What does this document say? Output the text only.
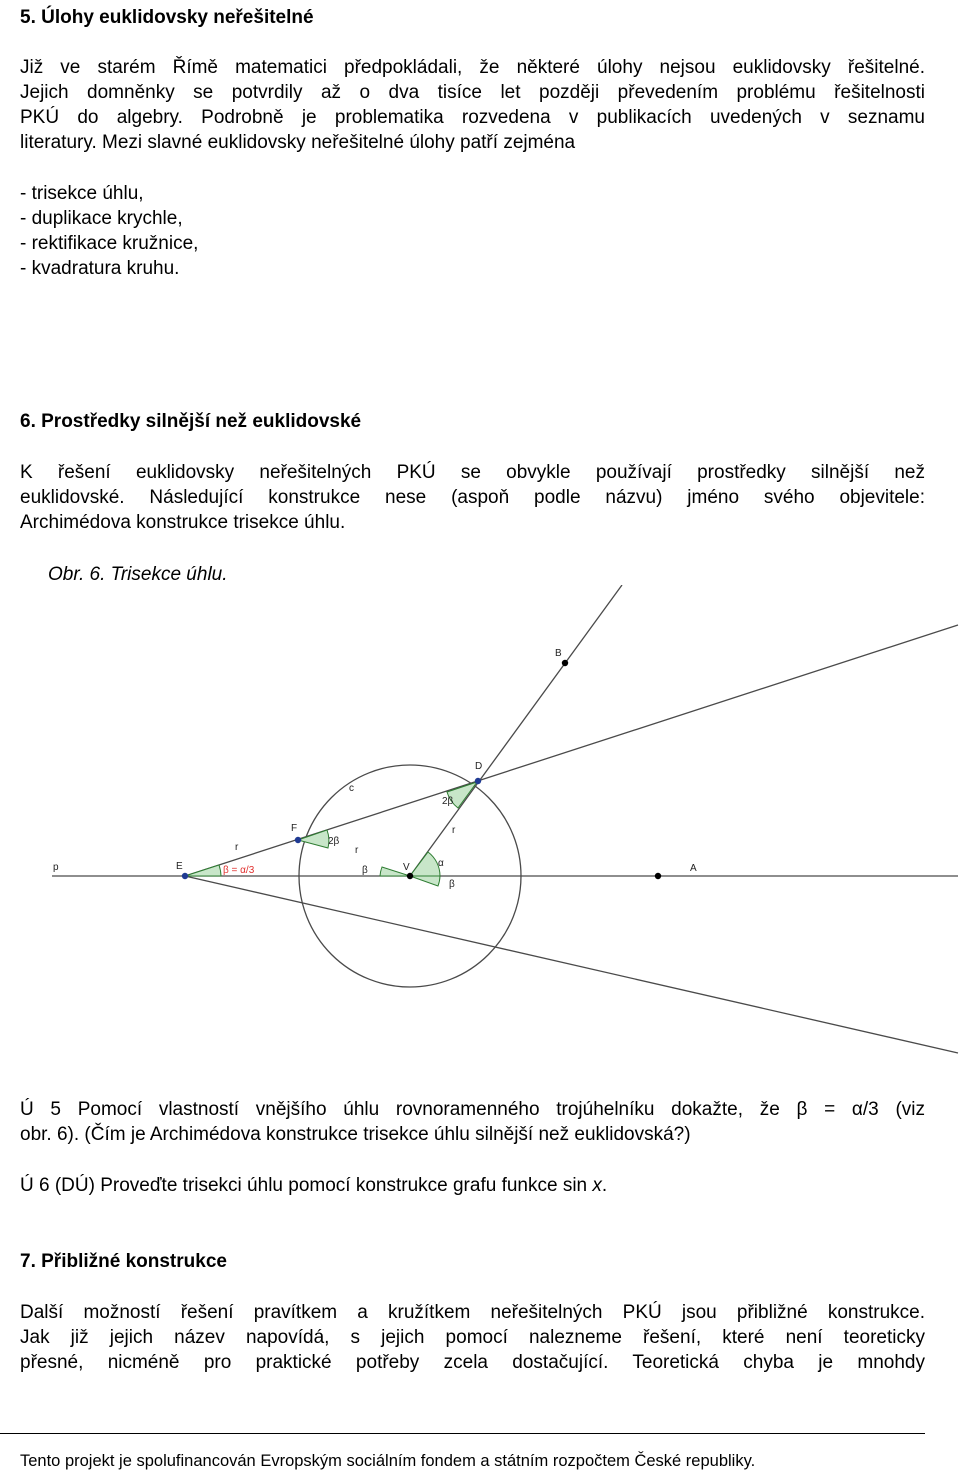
5. Úlohy euklidovsky neřešitelné
Již ve starém Římě matematici předpokládali, že některé úlohy nejsou euklidovsky řešitelné.
Jejich domněnky se potvrdily až o dva tisíce let později převedením problému řešitelnosti
PKÚ do algebry. Podrobně je problematika rozvedena v publikacích uvedených v seznamu
literatury. Mezi slavné euklidovsky neřešitelné úlohy patří zejména
- trisekce úhlu,
- duplikace krychle,
- rektifikace kružnice,
- kvadratura kruhu.
6. Prostředky silnější než euklidovské
K řešení euklidovsky neřešitelných PKÚ se obvykle používají prostředky silnější než
euklidovské. Následující konstrukce nese (aspoň podle názvu) jméno svého objevitele:
Archimédova konstrukce trisekce úhlu.
Obr. 6. Trisekce úhlu.
B
D
c
2β
r
F
r
2β
r
α
p	E	β = α/3	β	V
β
A
Ú 5 Pomocí vlastností vnějšího úhlu rovnoramenného trojúhelníku dokažte, že β = α/3 (viz
obr. 6). (Čím je Archimédova konstrukce trisekce úhlu silnější než euklidovská?)
Ú 6 (DÚ) Proveďte trisekci úhlu pomocí konstrukce grafu funkce sin x.
7. Přibližné konstrukce
Další možností řešení pravítkem a kružítkem neřešitelných PKÚ jsou přibližné konstrukce.
Jak již jejich název napovídá, s jejich pomocí nalezneme řešení, které není teoreticky
přesné, nicméně pro praktické potřeby zcela dostačující. Teoretická chyba je mnohdy
Tento projekt je spolufinancován Evropským sociálním fondem a státním rozpočtem České republiky.
